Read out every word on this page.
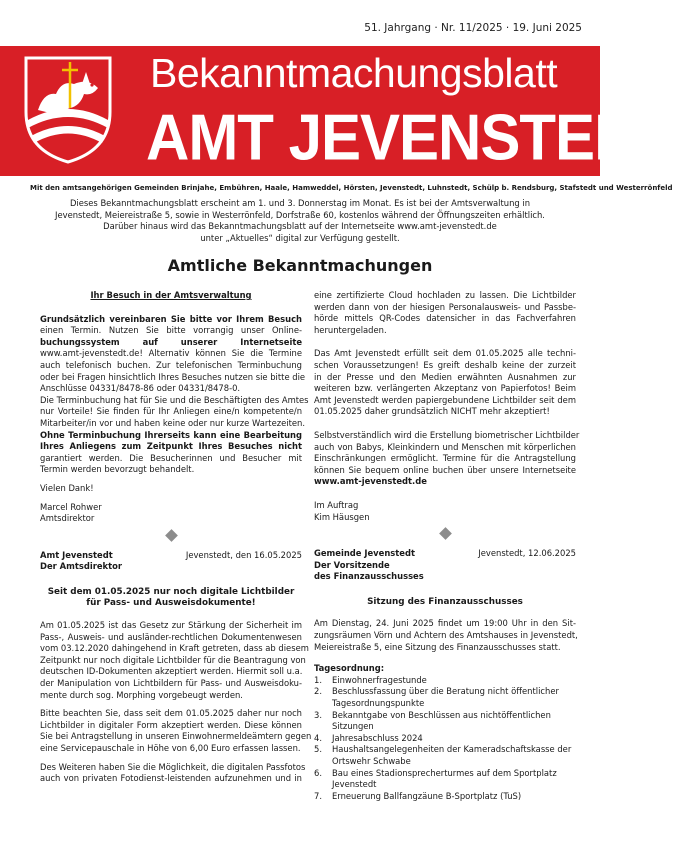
51. Jahrgang · Nr. 11/2025 · 19. Juni 2025
Bekanntmachungsblatt
AMT JEVENSTEDT
Mit den amtsangehörigen Gemeinden Brinjahe, Embühren, Haale, Hamweddel, Hörsten, Jevenstedt, Luhnstedt, Schülp b. Rendsburg, Stafstedt und Westerrönfeld
Dieses Bekanntmachungsblatt erscheint am 1. und 3. Donnerstag im Monat. Es ist bei der Amtsverwaltung in
Jevenstedt, Meiereistraße 5, sowie in Westerrönfeld, Dorfstraße 60, kostenlos während der Öffnungszeiten erhältlich.
Darüber hinaus wird das Bekanntmachungsblatt auf der Internetseite www.amt-jevenstedt.de
unter „Aktuelles“ digital zur Verfügung gestellt.
Amtliche Bekanntmachungen
Ihr Besuch in der Amtsverwaltung
Grundsätzlich vereinbaren Sie bitte vor Ihrem Besuch
einen Termin. Nutzen Sie bitte vorrangig unser Online-
buchungssystem auf unserer Internetseite
www.amt-jevenstedt.de! Alternativ können Sie die Termine
auch telefonisch buchen. Zur telefonischen Terminbuchung
oder bei Fragen hinsichtlich Ihres Besuches nutzen sie bitte die
Anschlüsse 04331/8478-86 oder 04331/8478-0.
Die Terminbuchung hat für Sie und die Beschäftigten des Amtes
nur Vorteile! Sie finden für Ihr Anliegen eine/n kompetente/n
Mitarbeiter/in vor und haben keine oder nur kurze Wartezeiten.
Ohne Terminbuchung Ihrerseits kann eine Bearbeitung
Ihres Anliegens zum Zeitpunkt Ihres Besuches nicht
garantiert werden. Die Besucherinnen und Besucher mit
Termin werden bevorzugt behandelt.
Vielen Dank!
Marcel Rohwer
Amtsdirektor
Amt Jevenstedt	Jevenstedt, den 16.05.2025
Der Amtsdirektor
Seit dem 01.05.2025 nur noch digitale Lichtbilder
für Pass- und Ausweisdokumente!
Am 01.05.2025 ist das Gesetz zur Stärkung der Sicherheit im
Pass-, Ausweis- und ausländer-rechtlichen Dokumentenwesen
vom 03.12.2020 dahingehend in Kraft getreten, dass ab diesem
Zeitpunkt nur noch digitale Lichtbilder für die Beantragung von
deutschen ID-Dokumenten akzeptiert werden. Hiermit soll u.a.
der Manipulation von Lichtbildern für Pass- und Ausweisdoku-
mente durch sog. Morphing vorgebeugt werden.
Bitte beachten Sie, dass seit dem 01.05.2025 daher nur noch
Lichtbilder in digitaler Form akzeptiert werden. Diese können
Sie bei Antragstellung in unseren Einwohnermeldeämtern gegen
eine Servicepauschale in Höhe von 6,00 Euro erfassen lassen.
Des Weiteren haben Sie die Möglichkeit, die digitalen Passfotos
auch von privaten Fotodienst-leistenden aufzunehmen und in
eine zertifizierte Cloud hochladen zu lassen. Die Lichtbilder
werden dann von der hiesigen Personalausweis- und Passbe-
hörde mittels QR-Codes datensicher in das Fachverfahren
heruntergeladen.
Das Amt Jevenstedt erfüllt seit dem 01.05.2025 alle techni-
schen Voraussetzungen! Es greift deshalb keine der zurzeit
in der Presse und den Medien erwähnten Ausnahmen zur
weiteren bzw. verlängerten Akzeptanz von Papierfotos! Beim
Amt Jevenstedt werden papiergebundene Lichtbilder seit dem
01.05.2025 daher grundsätzlich NICHT mehr akzeptiert!
Selbstverständlich wird die Erstellung biometrischer Lichtbilder
auch von Babys, Kleinkindern und Menschen mit körperlichen
Einschränkungen ermöglicht. Termine für die Antragstellung
können Sie bequem online buchen über unsere Internetseite
www.amt-jevenstedt.de
Im Auftrag
Kim Häusgen
Gemeinde Jevenstedt	Jevenstedt, 12.06.2025
Der Vorsitzende
des Finanzausschusses
Sitzung des Finanzausschusses
Am Dienstag, 24. Juni 2025 findet um 19:00 Uhr in den Sit-
zungsräumen Vörn und Achtern des Amtshauses in Jevenstedt,
Meiereistraße 5, eine Sitzung des Finanzausschusses statt.
Tagesordnung:
1.	Einwohnerfragestunde
2.	Beschlussfassung über die Beratung nicht öffentlicher
Tagesordnungspunkte
3.	Bekanntgabe von Beschlüssen aus nichtöffentlichen Sitzungen
4.	Jahresabschluss 2024
5.	Haushaltsangelegenheiten der Kameradschaftskasse der
Ortswehr Schwabe
6.	Bau eines Stadionsprecherturmes auf dem Sportplatz
Jevenstedt
7.	Erneuerung Ballfangzäune B-Sportplatz (TuS)
